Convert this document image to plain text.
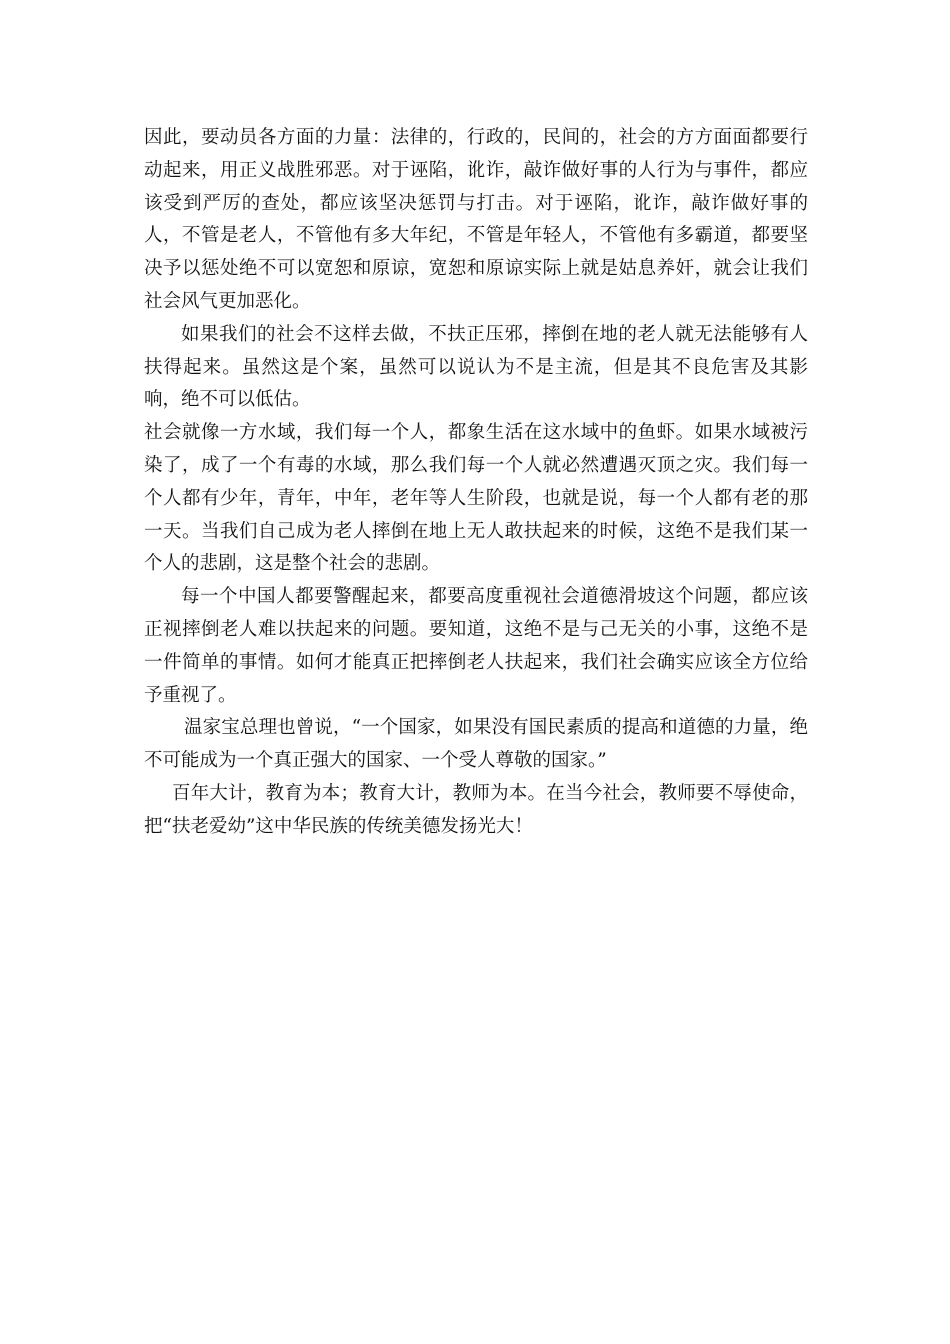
因此，要动员各方面的力量：法律的，行政的，民间的，社会的方方面面都要行动起来，用正义战胜邪恶。对于诬陷，讹诈，敲诈做好事的人行为与事件，都应该受到严厉的查处，都应该坚决惩罚与打击。对于诬陷，讹诈，敲诈做好事的人，不管是老人，不管他有多大年纪，不管是年轻人，不管他有多霸道，都要坚决予以惩处绝不可以宽恕和原谅，宽恕和原谅实际上就是姑息养奸，就会让我们社会风气更加恶化。

如果我们的社会不这样去做，不扶正压邪，摔倒在地的老人就无法能够有人扶得起来。虽然这是个案，虽然可以说认为不是主流，但是其不良危害及其影响，绝不可以低估。

社会就像一方水域，我们每一个人，都象生活在这水域中的鱼虾。如果水域被污染了，成了一个有毒的水域，那么我们每一个人就必然遭遇灭顶之灾。我们每一个人都有少年，青年，中年，老年等人生阶段，也就是说，每一个人都有老的那一天。当我们自己成为老人摔倒在地上无人敢扶起来的时候，这绝不是我们某一个人的悲剧，这是整个社会的悲剧。

每一个中国人都要警醒起来，都要高度重视社会道德滑坡这个问题，都应该正视摔倒老人难以扶起来的问题。要知道，这绝不是与己无关的小事，这绝不是一件简单的事情。如何才能真正把摔倒老人扶起来，我们社会确实应该全方位给予重视了。

温家宝总理也曾说，“一个国家，如果没有国民素质的提高和道德的力量，绝不可能成为一个真正强大的国家、一个受人尊敬的国家。”

百年大计，教育为本；教育大计，教师为本。在当今社会，教师要不辱使命，把“扶老爱幼”这中华民族的传统美德发扬光大！
